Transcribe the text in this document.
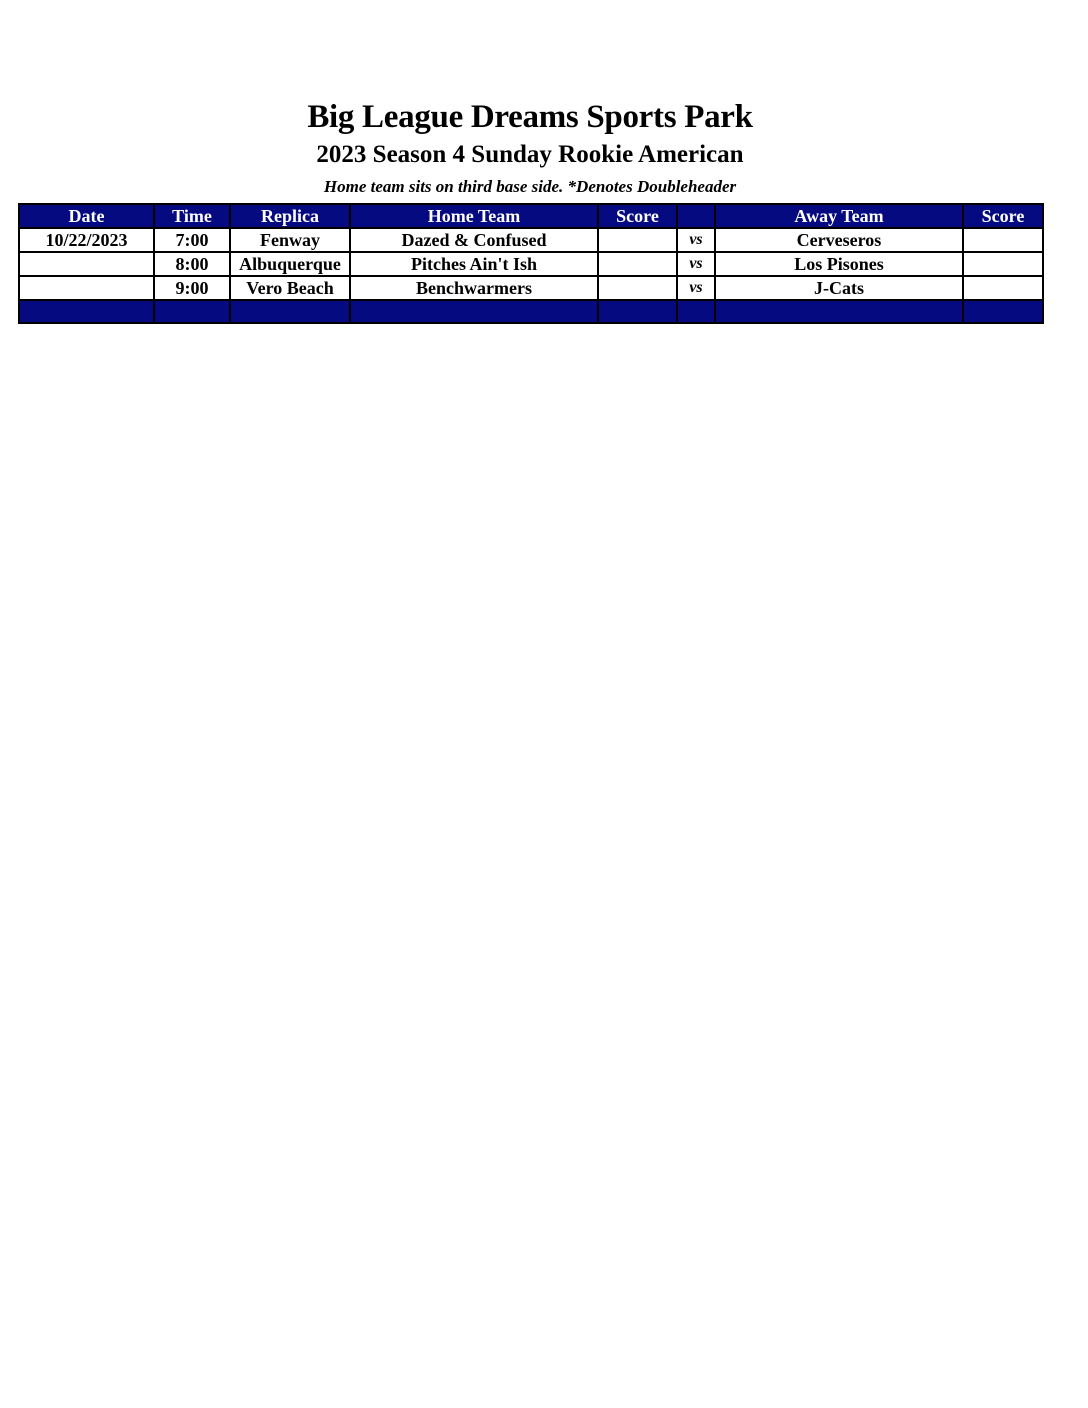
Big League Dreams Sports Park
2023 Season 4 Sunday Rookie American
Home team sits on third base side. *Denotes Doubleheader
Date	Time	Replica	Home Team	Score		Away Team	Score
10/22/2023	7:00	Fenway	Dazed & Confused		vs	Cerveseros	
	8:00	Albuquerque	Pitches Ain't Ish		vs	Los Pisones	
	9:00	Vero Beach	Benchwarmers		vs	J-Cats	
